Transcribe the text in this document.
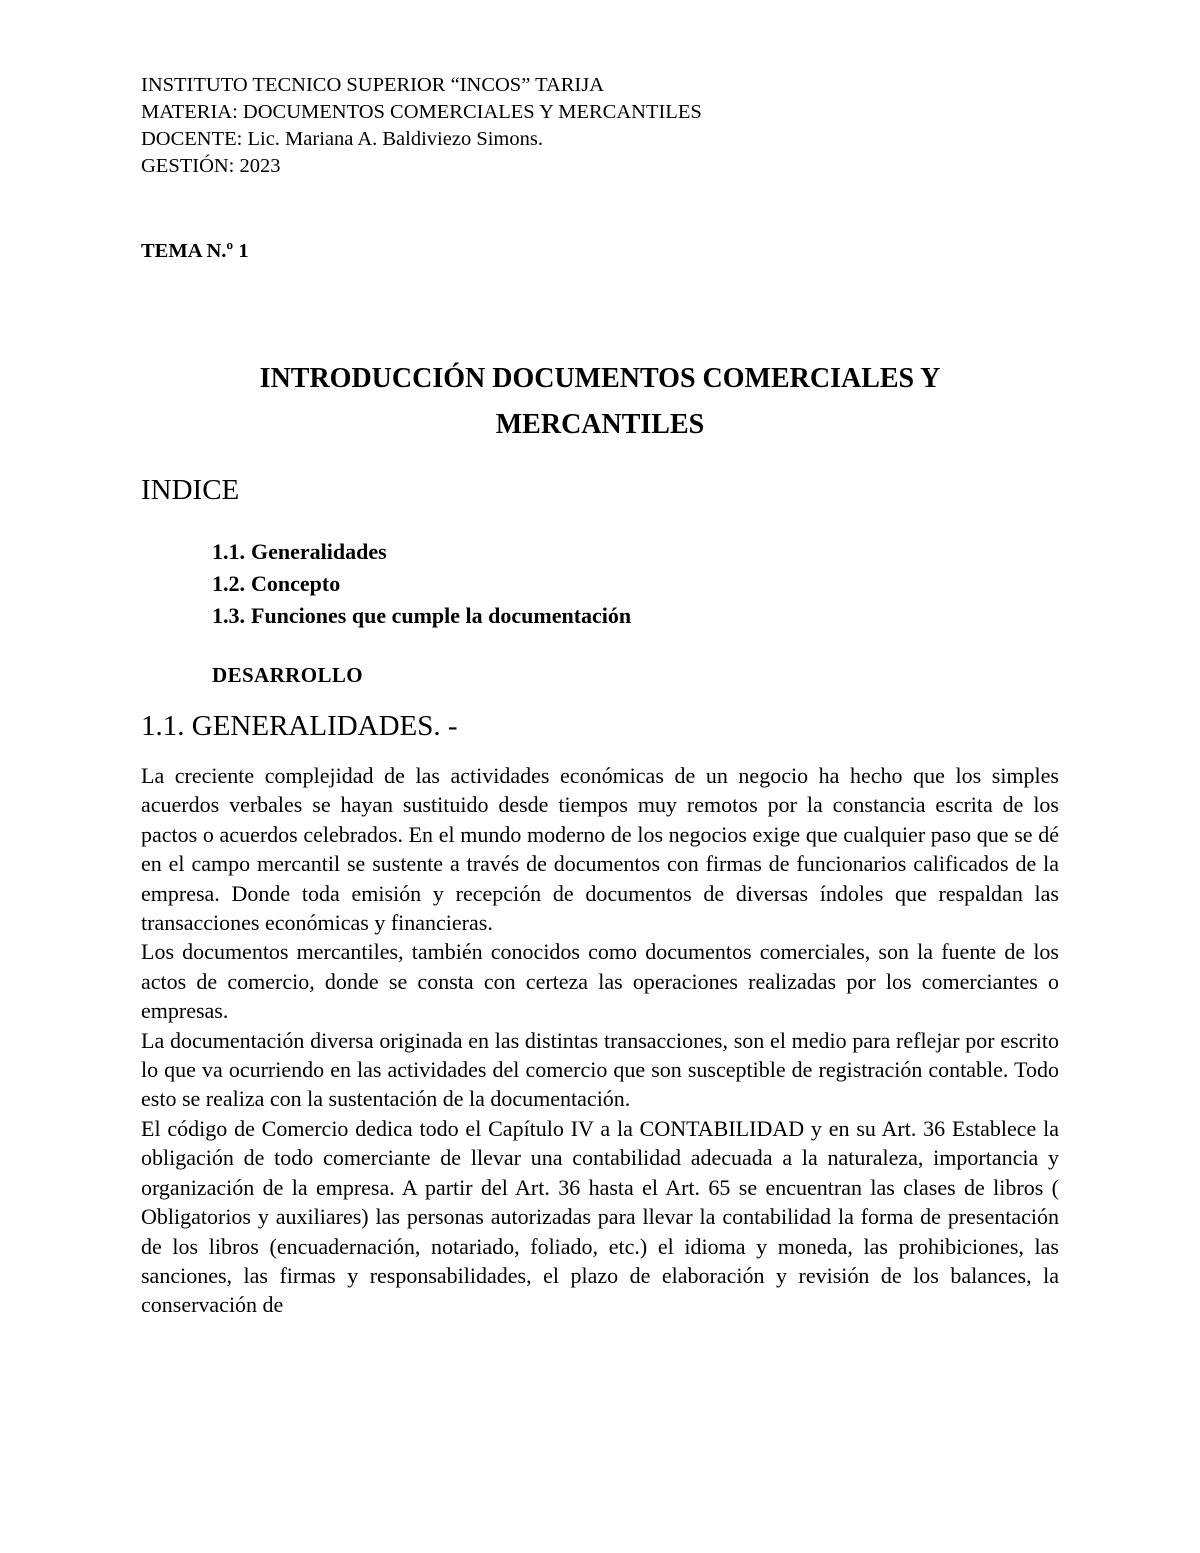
INSTITUTO TECNICO SUPERIOR “INCOS” TARIJA
MATERIA: DOCUMENTOS COMERCIALES Y MERCANTILES
DOCENTE: Lic. Mariana A. Baldiviezo Simons.
GESTIÓN: 2023
TEMA N.º 1
INTRODUCCIÓN DOCUMENTOS COMERCIALES Y
MERCANTILES
INDICE
1.1. Generalidades
1.2. Concepto
1.3. Funciones que cumple la documentación
DESARROLLO
1.1. GENERALIDADES. -

La creciente complejidad de las actividades económicas de un negocio ha hecho que los simples acuerdos verbales se hayan sustituido desde tiempos muy remotos por la constancia escrita de los pactos o acuerdos celebrados. En el mundo moderno de los negocios exige que cualquier paso que se dé en el campo mercantil se sustente a través de documentos con firmas de funcionarios calificados de la empresa. Donde toda emisión y recepción de documentos de diversas índoles que respaldan las transacciones económicas y financieras.

Los documentos mercantiles, también conocidos como documentos comerciales, son la fuente de los actos de comercio, donde se consta con certeza las operaciones realizadas por los comerciantes o empresas.

La documentación diversa originada en las distintas transacciones, son el medio para reflejar por escrito lo que va ocurriendo en las actividades del comercio que son susceptible de registración contable. Todo esto se realiza con la sustentación de la documentación.

El código de Comercio dedica todo el Capítulo IV a la CONTABILIDAD y en su Art. 36 Establece la obligación de todo comerciante de llevar una contabilidad adecuada a la naturaleza, importancia y organización de la empresa. A partir del Art. 36 hasta el Art. 65 se encuentran las clases de libros ( Obligatorios y auxiliares) las personas autorizadas para llevar la contabilidad la forma de presentación de los libros (encuadernación, notariado, foliado, etc.) el idioma y moneda, las prohibiciones, las sanciones, las firmas y responsabilidades, el plazo de elaboración y revisión de los balances, la conservación de
